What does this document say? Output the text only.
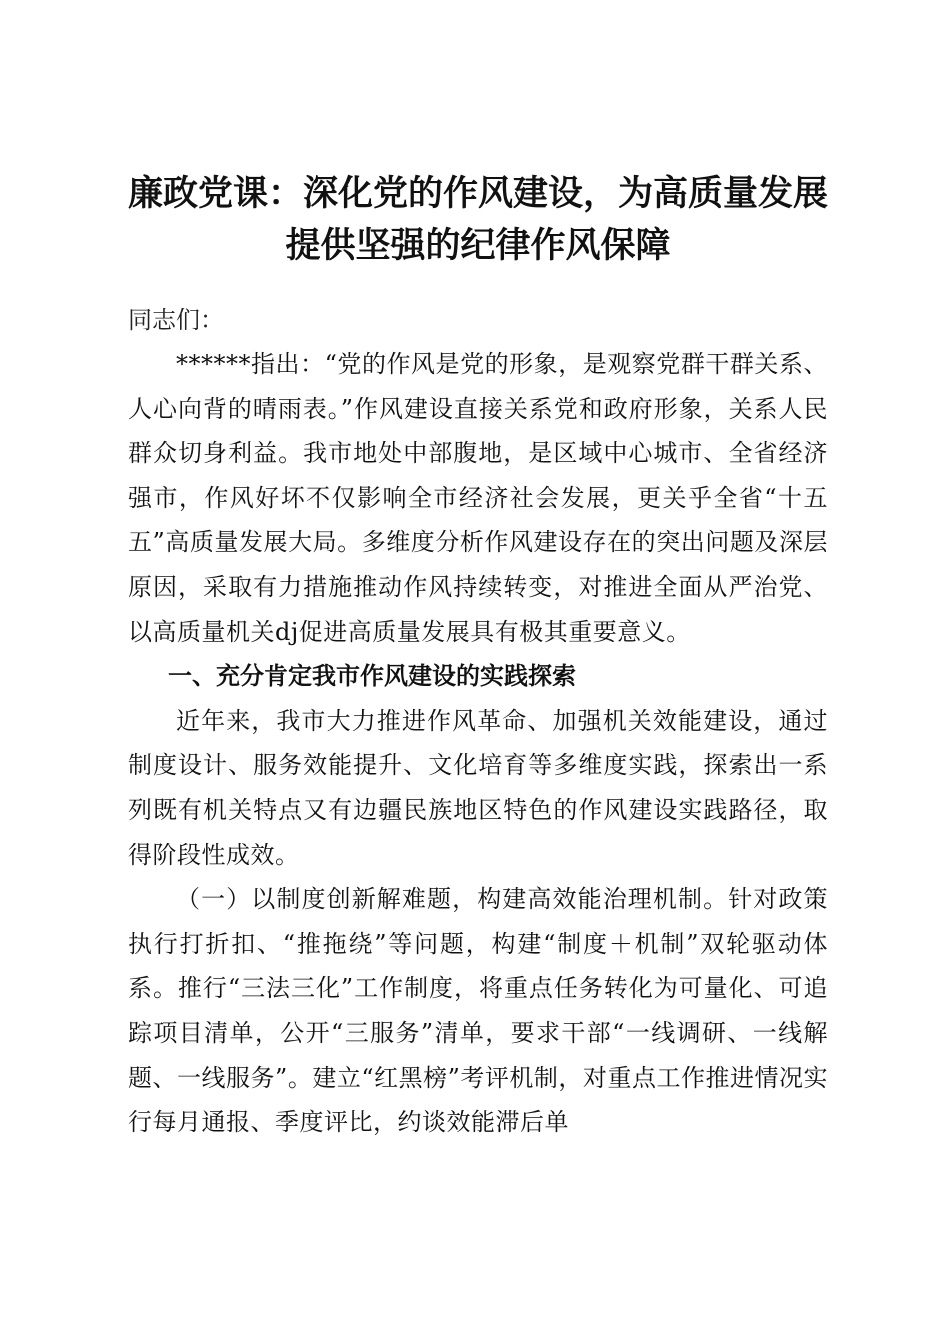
廉政党课：深化党的作风建设，为高质量发展
提供坚强的纪律作风保障

同志们：

******指出：“党的作风是党的形象，是观察党群干群关系、人心向背的晴雨表。”作风建设直接关系党和政府形象，关系人民群众切身利益。我市地处中部腹地，是区域中心城市、全省经济强市，作风好坏不仅影响全市经济社会发展，更关乎全省“十五五”高质量发展大局。多维度分析作风建设存在的突出问题及深层原因，采取有力措施推动作风持续转变，对推进全面从严治党、以高质量机关dj促进高质量发展具有极其重要意义。

一、充分肯定我市作风建设的实践探索

近年来，我市大力推进作风革命、加强机关效能建设，通过制度设计、服务效能提升、文化培育等多维度实践，探索出一系列既有机关特点又有边疆民族地区特色的作风建设实践路径，取得阶段性成效。

（一）以制度创新解难题，构建高效能治理机制。针对政策执行打折扣、“推拖绕”等问题，构建“制度＋机制”双轮驱动体系。推行“三法三化”工作制度，将重点任务转化为可量化、可追踪项目清单，公开“三服务”清单，要求干部“一线调研、一线解题、一线服务”。建立“红黑榜”考评机制，对重点工作推进情况实行每月通报、季度评比，约谈效能滞后单
